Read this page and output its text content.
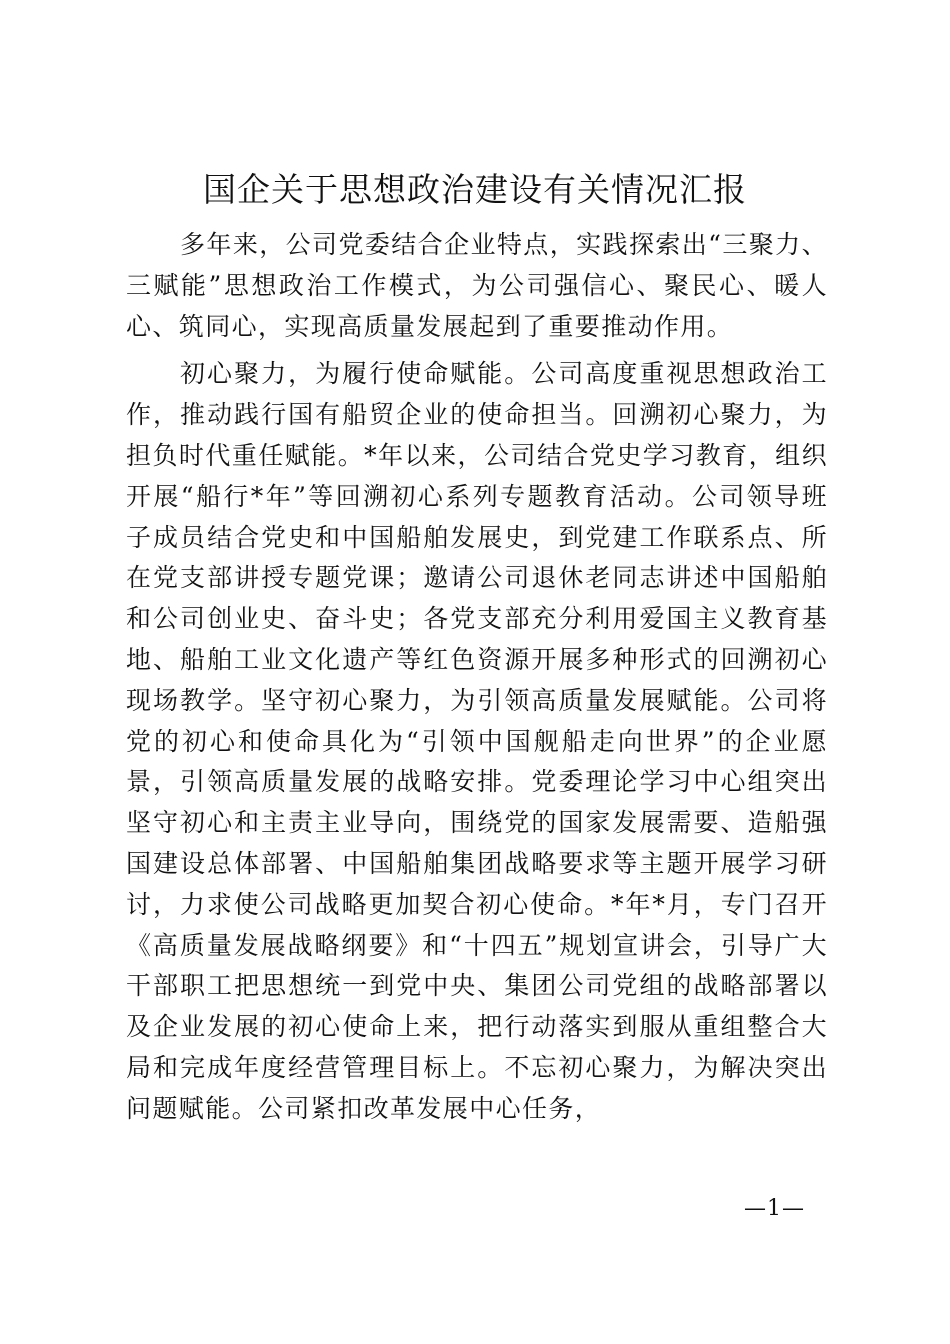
国企关于思想政治建设有关情况汇报

多年来，公司党委结合企业特点，实践探索出“三聚力、三赋能”思想政治工作模式，为公司强信心、聚民心、暖人心、筑同心，实现高质量发展起到了重要推动作用。

初心聚力，为履行使命赋能。公司高度重视思想政治工作，推动践行国有船贸企业的使命担当。回溯初心聚力，为担负时代重任赋能。*年以来，公司结合党史学习教育，组织开展“船行*年”等回溯初心系列专题教育活动。公司领导班子成员结合党史和中国船舶发展史，到党建工作联系点、所在党支部讲授专题党课；邀请公司退休老同志讲述中国船舶和公司创业史、奋斗史；各党支部充分利用爱国主义教育基地、船舶工业文化遗产等红色资源开展多种形式的回溯初心现场教学。坚守初心聚力，为引领高质量发展赋能。公司将党的初心和使命具化为“引领中国舰船走向世界”的企业愿景，引领高质量发展的战略安排。党委理论学习中心组突出坚守初心和主责主业导向，围绕党的国家发展需要、造船强国建设总体部署、中国船舶集团战略要求等主题开展学习研讨，力求使公司战略更加契合初心使命。*年*月，专门召开《高质量发展战略纲要》和“十四五”规划宣讲会，引导广大干部职工把思想统一到党中央、集团公司党组的战略部署以及企业发展的初心使命上来，把行动落实到服从重组整合大局和完成年度经营管理目标上。不忘初心聚力，为解决突出问题赋能。公司紧扣改革发展中心任务，

—1—
